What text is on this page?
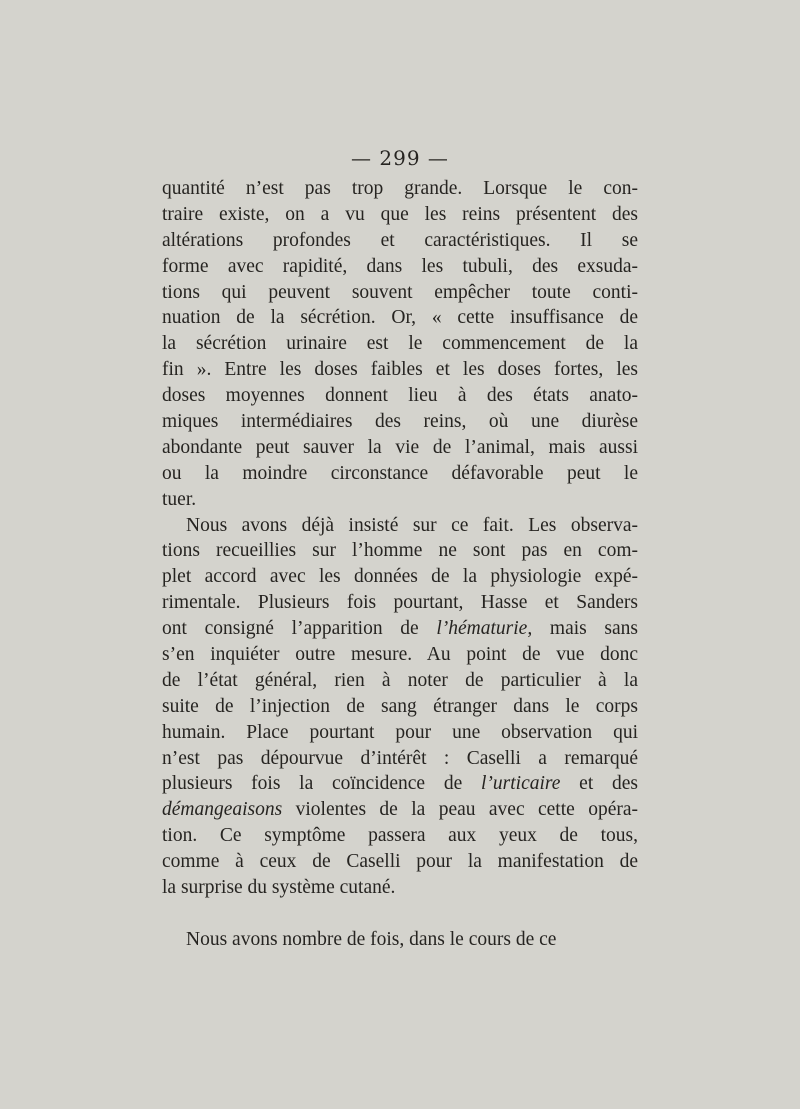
— 299 —
quantité n’est pas trop grande. Lorsque le con-
traire existe, on a vu que les reins présentent des
altérations profondes et caractéristiques. Il se
forme avec rapidité, dans les tubuli, des exsuda-
tions qui peuvent souvent empêcher toute conti-
nuation de la sécrétion. Or, « cette insuffisance de
la sécrétion urinaire est le commencement de la
fin ». Entre les doses faibles et les doses fortes, les
doses moyennes donnent lieu à des états anato-
miques intermédiaires des reins, où une diurèse
abondante peut sauver la vie de l’animal, mais aussi
ou la moindre circonstance défavorable peut le
tuer.
Nous avons déjà insisté sur ce fait. Les observa-
tions recueillies sur l’homme ne sont pas en com-
plet accord avec les données de la physiologie expé-
rimentale. Plusieurs fois pourtant, Hasse et Sanders
ont consigné l’apparition de l’hématurie, mais sans
s’en inquiéter outre mesure. Au point de vue donc
de l’état général, rien à noter de particulier à la
suite de l’injection de sang étranger dans le corps
humain. Place pourtant pour une observation qui
n’est pas dépourvue d’intérêt : Caselli a remarqué
plusieurs fois la coïncidence de l’urticaire et des
démangeaisons violentes de la peau avec cette opéra-
tion. Ce symptôme passera aux yeux de tous,
comme à ceux de Caselli pour la manifestation de
la surprise du système cutané.
Nous avons nombre de fois, dans le cours de ce
